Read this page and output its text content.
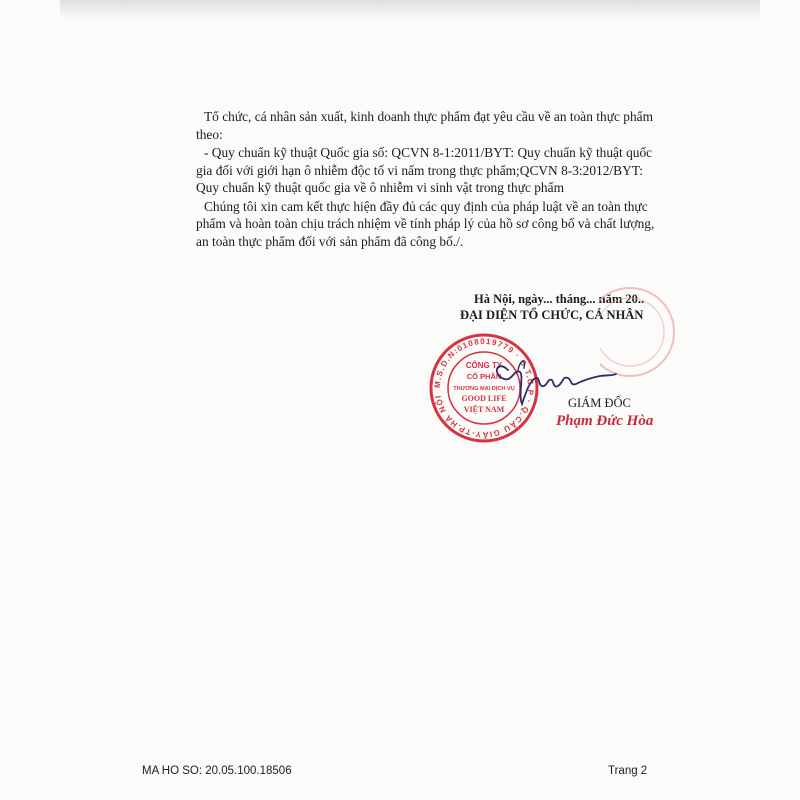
Tổ chức, cá nhân sản xuất, kinh doanh thực phẩm đạt yêu cầu về an toàn thực phẩm theo:

- Quy chuẩn kỹ thuật Quốc gia số: QCVN 8-1:2011/BYT: Quy chuẩn kỹ thuật quốc gia đối với giới hạn ô nhiễm độc tố vi nấm trong thực phẩm;QCVN 8-3:2012/BYT: Quy chuẩn kỹ thuật quốc gia về ô nhiễm vi sinh vật trong thực phẩm

Chúng tôi xin cam kết thực hiện đầy đủ các quy định của pháp luật về an toàn thực phẩm và hoàn toàn chịu trách nhiệm về tính pháp lý của hồ sơ công bố và chất lượng, an toàn thực phẩm đối với sản phẩm đã công bố./.

Hà Nội, ngày... tháng... năm 20..
ĐẠI DIỆN TỔ CHỨC, CÁ NHÂN
M.S.D.N:0108019779 · C.T.C.P · Q.CẦU GIẤY-TP.HÀ NỘI
CÔNG TY
CỔ PHẦN
THƯƠNG MẠI DỊCH VỤ
GOOD LIFE
VIỆT NAM	GIÁM ĐỐC
Phạm Đức Hòa
MA HO SO: 20.05.100.18506	Trang 2
